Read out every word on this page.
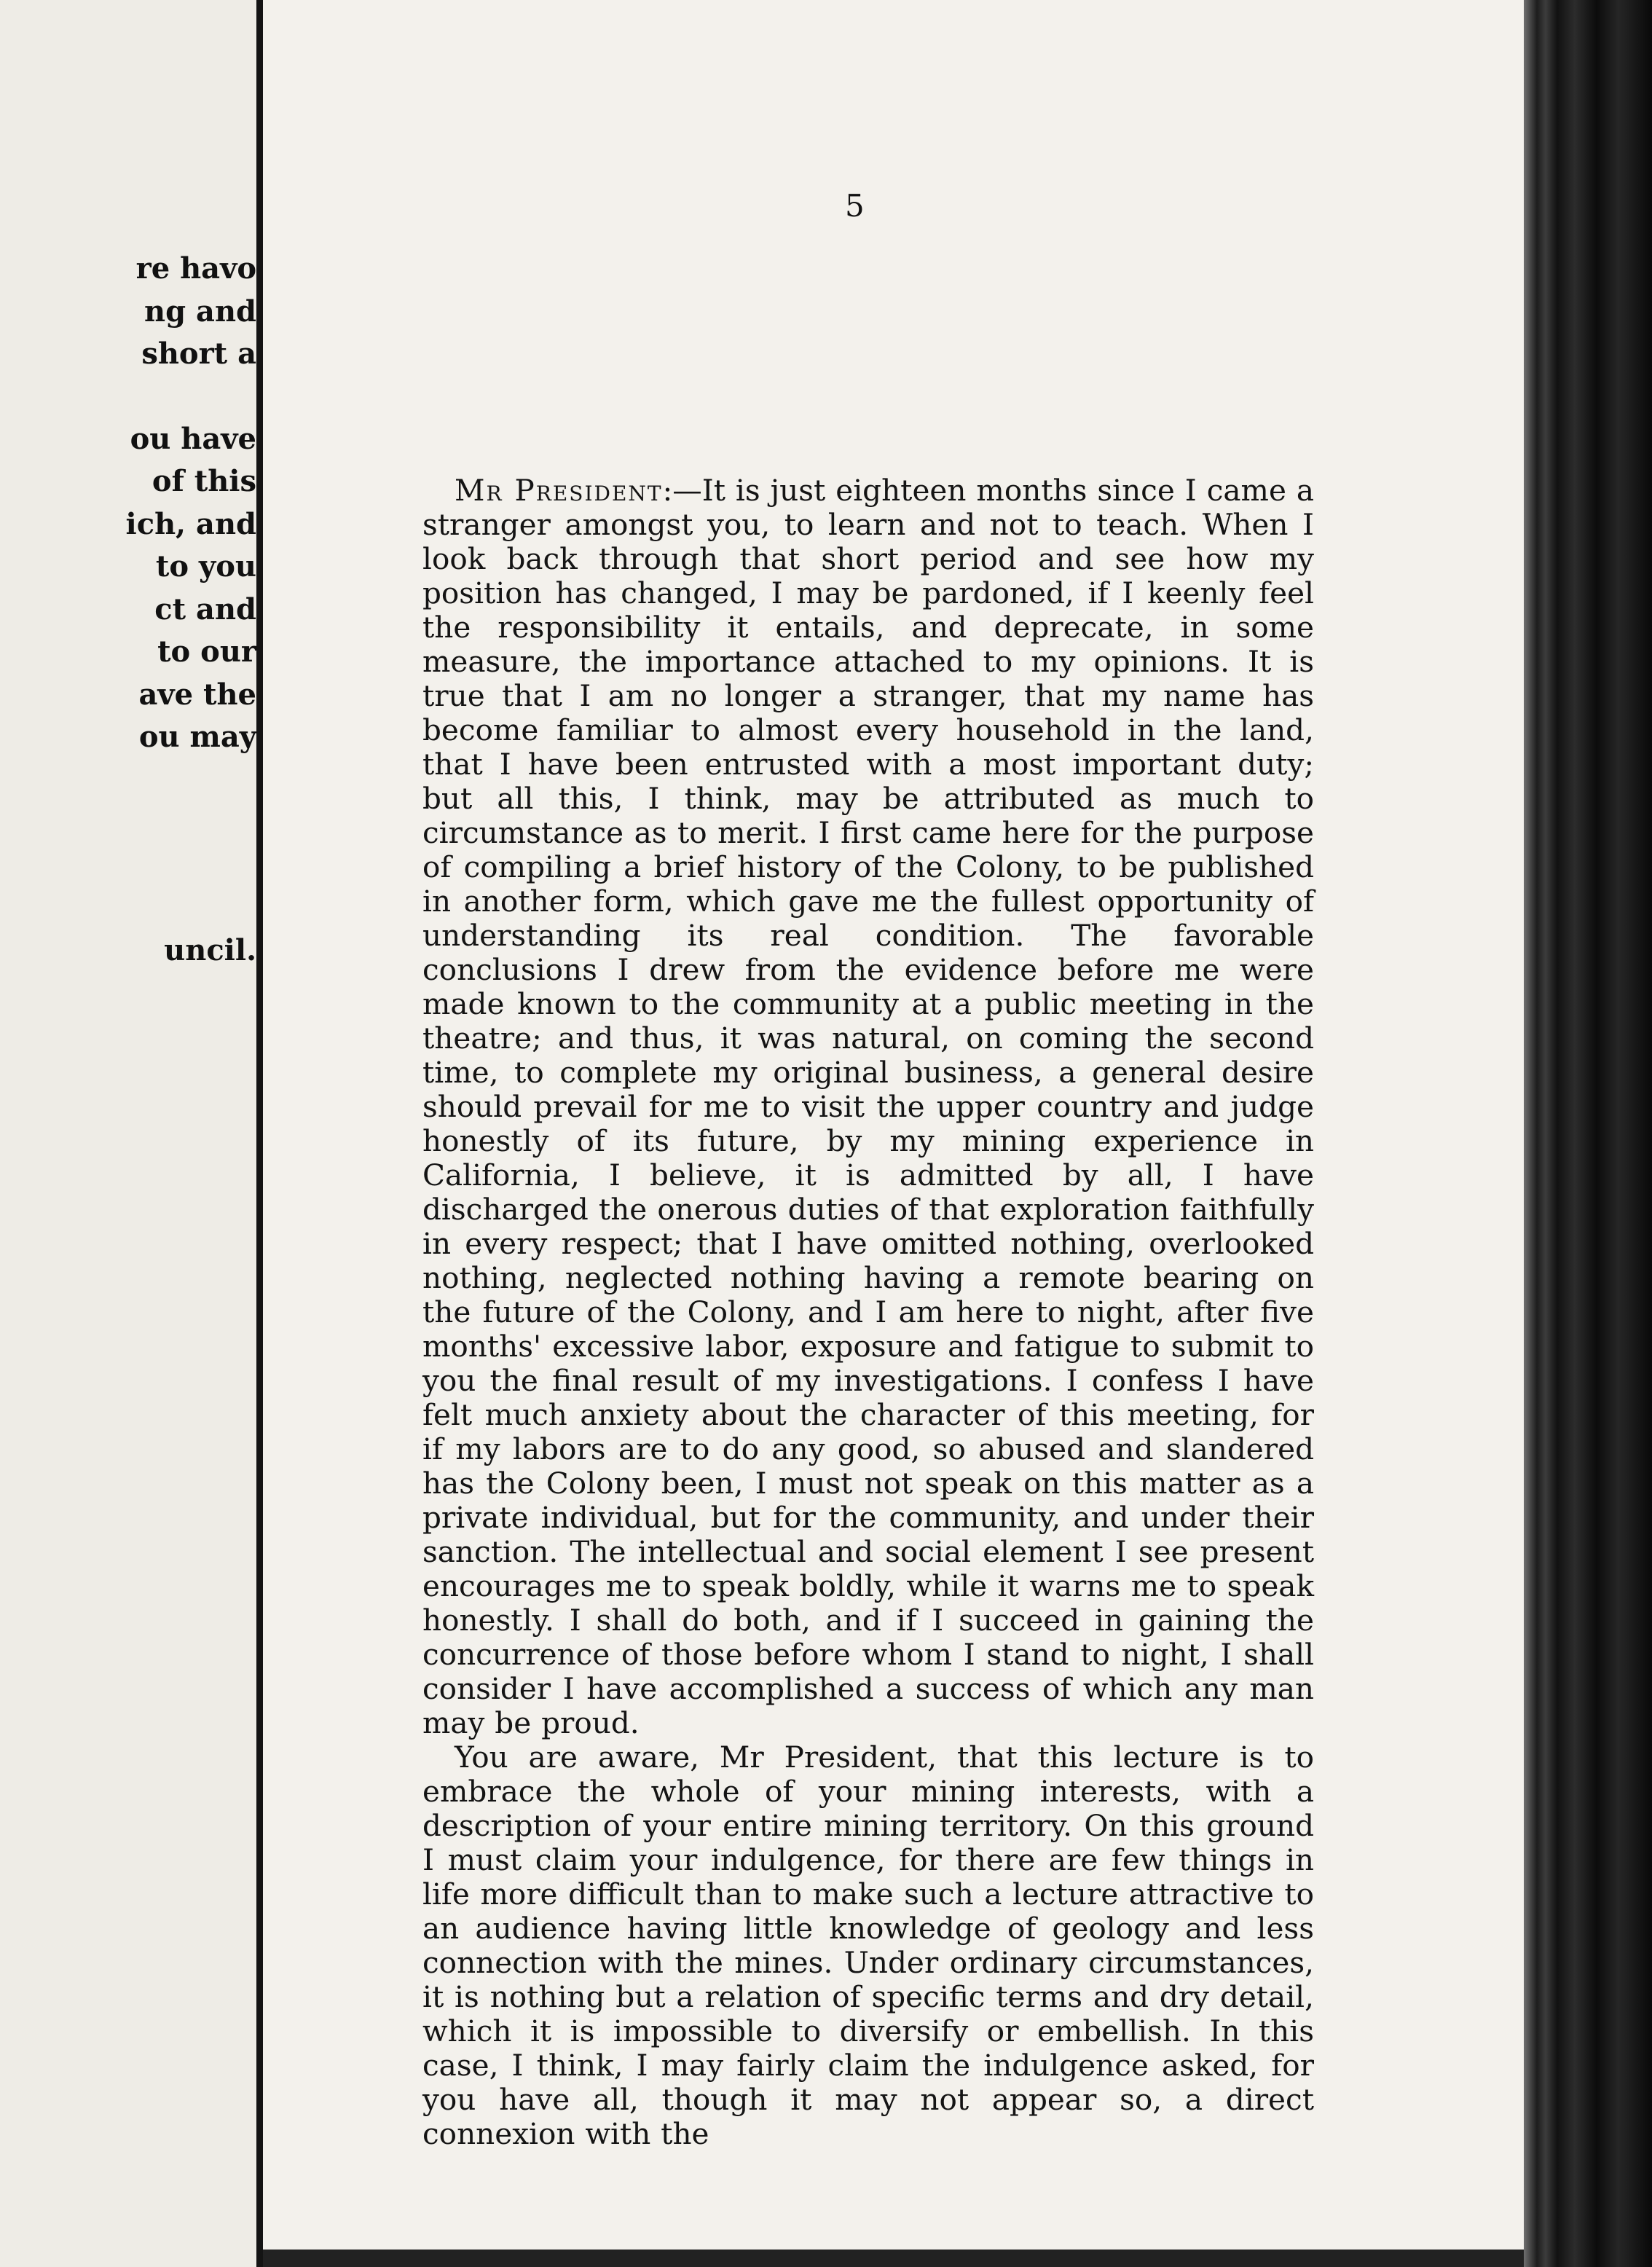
re havo
ng and
short a
ou have
of this
ich, and
to you
ct and
to our
ave the
ou may
uncil.
5

Mr President:—It is just eighteen months since I came a stranger amongst you, to learn and not to teach. When I look back through that short period and see how my position has changed, I may be pardoned, if I keenly feel the responsibility it entails, and deprecate, in some measure, the importance attached to my opinions. It is true that I am no longer a stranger, that my name has become familiar to almost every household in the land, that I have been entrusted with a most important duty; but all this, I think, may be attributed as much to circumstance as to merit. I first came here for the purpose of compiling a brief history of the Colony, to be published in another form, which gave me the fullest opportunity of understanding its real condition. The favorable conclusions I drew from the evidence before me were made known to the community at a public meeting in the theatre; and thus, it was natural, on coming the second time, to complete my original business, a general desire should prevail for me to visit the upper country and judge honestly of its future, by my mining experience in California, I believe, it is admitted by all, I have discharged the onerous duties of that exploration faithfully in every respect; that I have omitted nothing, overlooked nothing, neglected nothing having a remote bearing on the future of the Colony, and I am here to night, after five months' excessive labor, exposure and fatigue to submit to you the final result of my investigations. I confess I have felt much anxiety about the character of this meeting, for if my labors are to do any good, so abused and slandered has the Colony been, I must not speak on this matter as a private individual, but for the community, and under their sanction. The intellectual and social element I see present encourages me to speak boldly, while it warns me to speak honestly. I shall do both, and if I succeed in gaining the concurrence of those before whom I stand to night, I shall consider I have accomplished a success of which any man may be proud.

You are aware, Mr President, that this lecture is to embrace the whole of your mining interests, with a description of your entire mining territory. On this ground I must claim your indulgence, for there are few things in life more difficult than to make such a lecture attractive to an audience having little knowledge of geology and less connection with the mines. Under ordinary circumstances, it is nothing but a relation of specific terms and dry detail, which it is impossible to diversify or embellish. In this case, I think, I may fairly claim the indulgence asked, for you have all, though it may not appear so, a direct connexion with the
